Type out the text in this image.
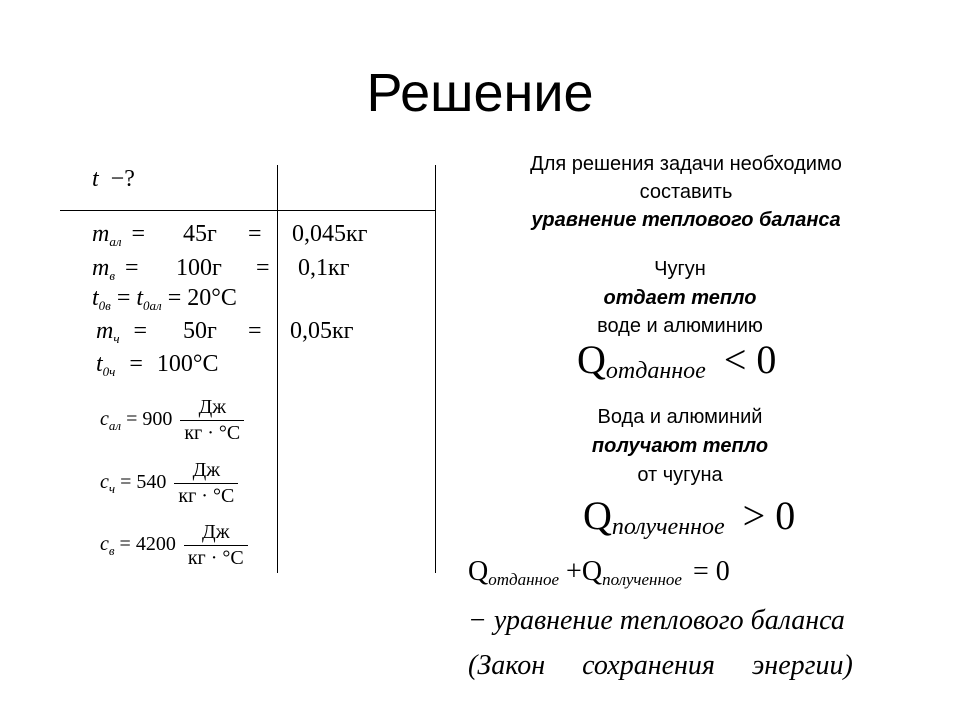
Решение
t −?
$m_{ал} = 45г = 0,045кг$
$m_в = 100г = 0,1кг$
$t_{0в} = t_{0ал} = 20^\circ С$
$m_ч = 50г = 0,05кг$
$t_{0ч} = 100^\circ С$
$c_{ал} = 900 \frac{Дж}{кг \cdot ^\circ С}$
$c_ч = 540 \frac{Дж}{кг \cdot ^\circ С}$
$c_в = 4200 \frac{Дж}{кг \cdot ^\circ С}$
Для решения задачи необходимо
составить
уравнение теплового баланса
Чугун
отдает тепло
воде и алюминию
Qотданное < 0
Вода и алюминий
получают тепло
от чугуна
Qполученное > 0
Qотданное +Qполученное = 0
− уравнение теплового баланса
(Закон сохранения энергии)
